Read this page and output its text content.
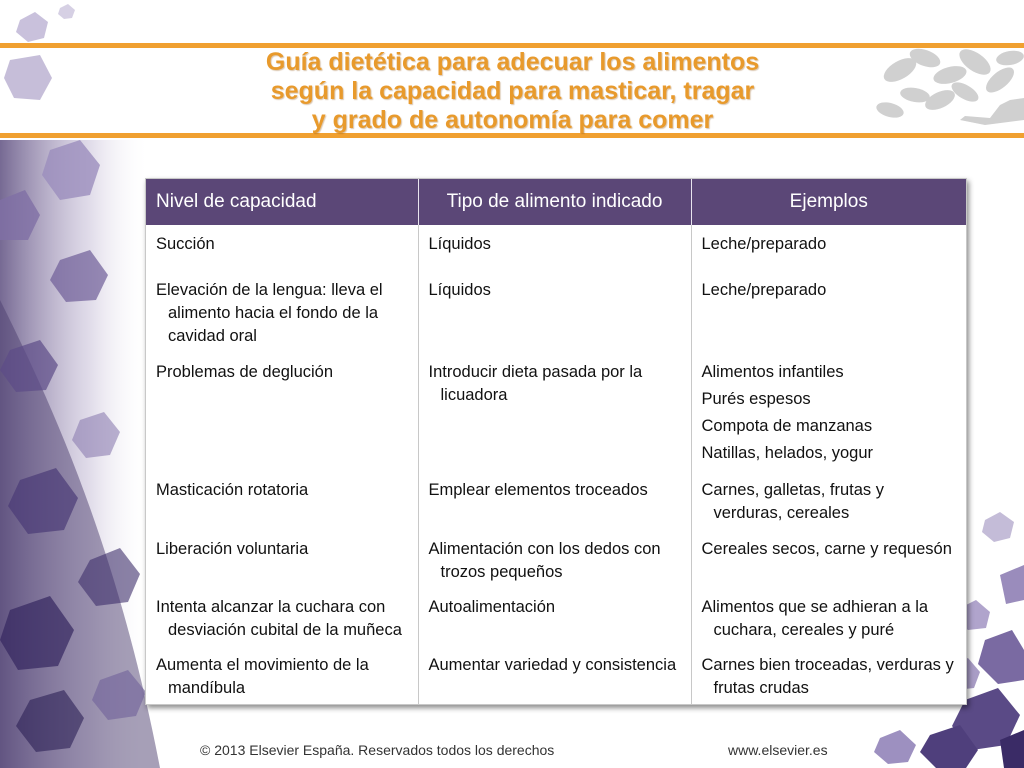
Guía dietética para adecuar los alimentos
según la capacidad para masticar, tragar
y grado de autonomía para comer
Nivel de capacidad	Tipo de alimento indicado	Ejemplos

Succión	Líquidos	Leche/preparado

Elevación de la lengua: lleva el alimento hacia el fondo de la cavidad oral	Líquidos	Leche/preparado

Problemas de deglución	Introducir dieta pasada por la licuadora	Alimentos infantiles
Purés espesos
Compota de manzanas
Natillas, helados, yogur

Masticación rotatoria	Emplear elementos troceados	Carnes, galletas, frutas y verduras, cereales

Liberación voluntaria	Alimentación con los dedos con trozos pequeños	Cereales secos, carne y requesón

Intenta alcanzar la cuchara con desviación cubital de la muñeca	Autoalimentación	Alimentos que se adhieran a la cuchara, cereales y puré

Aumenta el movimiento de la mandíbula	Aumentar variedad y consistencia	Carnes bien troceadas, verduras y frutas crudas
© 2013 Elsevier España. Reservados todos los derechos	www.elsevier.es
